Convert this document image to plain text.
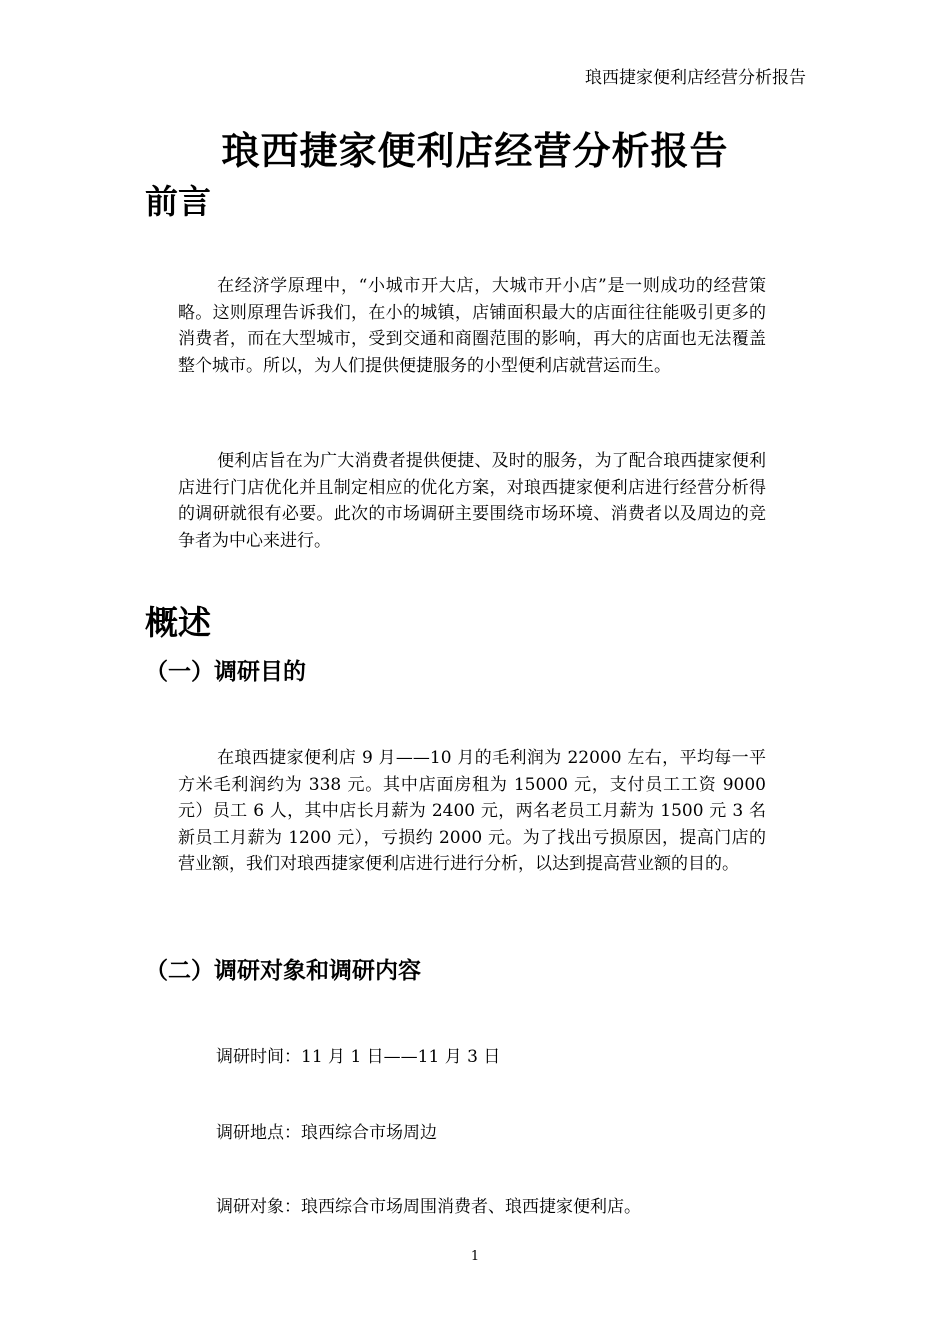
琅西捷家便利店经营分析报告
琅西捷家便利店经营分析报告
前言

在经济学原理中，“小城市开大店，大城市开小店”是一则成功的经营策略。这则原理告诉我们，在小的城镇，店铺面积最大的店面往往能吸引更多的消费者，而在大型城市，受到交通和商圈范围的影响，再大的店面也无法覆盖整个城市。所以，为人们提供便捷服务的小型便利店就营运而生。

便利店旨在为广大消费者提供便捷、及时的服务，为了配合琅西捷家便利店进行门店优化并且制定相应的优化方案，对琅西捷家便利店进行经营分析得的调研就很有必要。此次的市场调研主要围绕市场环境、消费者以及周边的竞争者为中心来进行。

概述
（一）调研目的

在琅西捷家便利店 9 月——10 月的毛利润为 22000 左右，平均每一平方米毛利润约为 338 元。其中店面房租为 15000 元，支付员工工资 9000 元）员工 6 人，其中店长月薪为 2400 元，两名老员工月薪为 1500 元 3 名新员工月薪为 1200 元），亏损约 2000 元。为了找出亏损原因，提高门店的营业额，我们对琅西捷家便利店进行进行分析，以达到提高营业额的目的。

（二）调研对象和调研内容

调研时间：11 月 1 日——11 月 3 日

调研地点：琅西综合市场周边

调研对象：琅西综合市场周围消费者、琅西捷家便利店。

1
